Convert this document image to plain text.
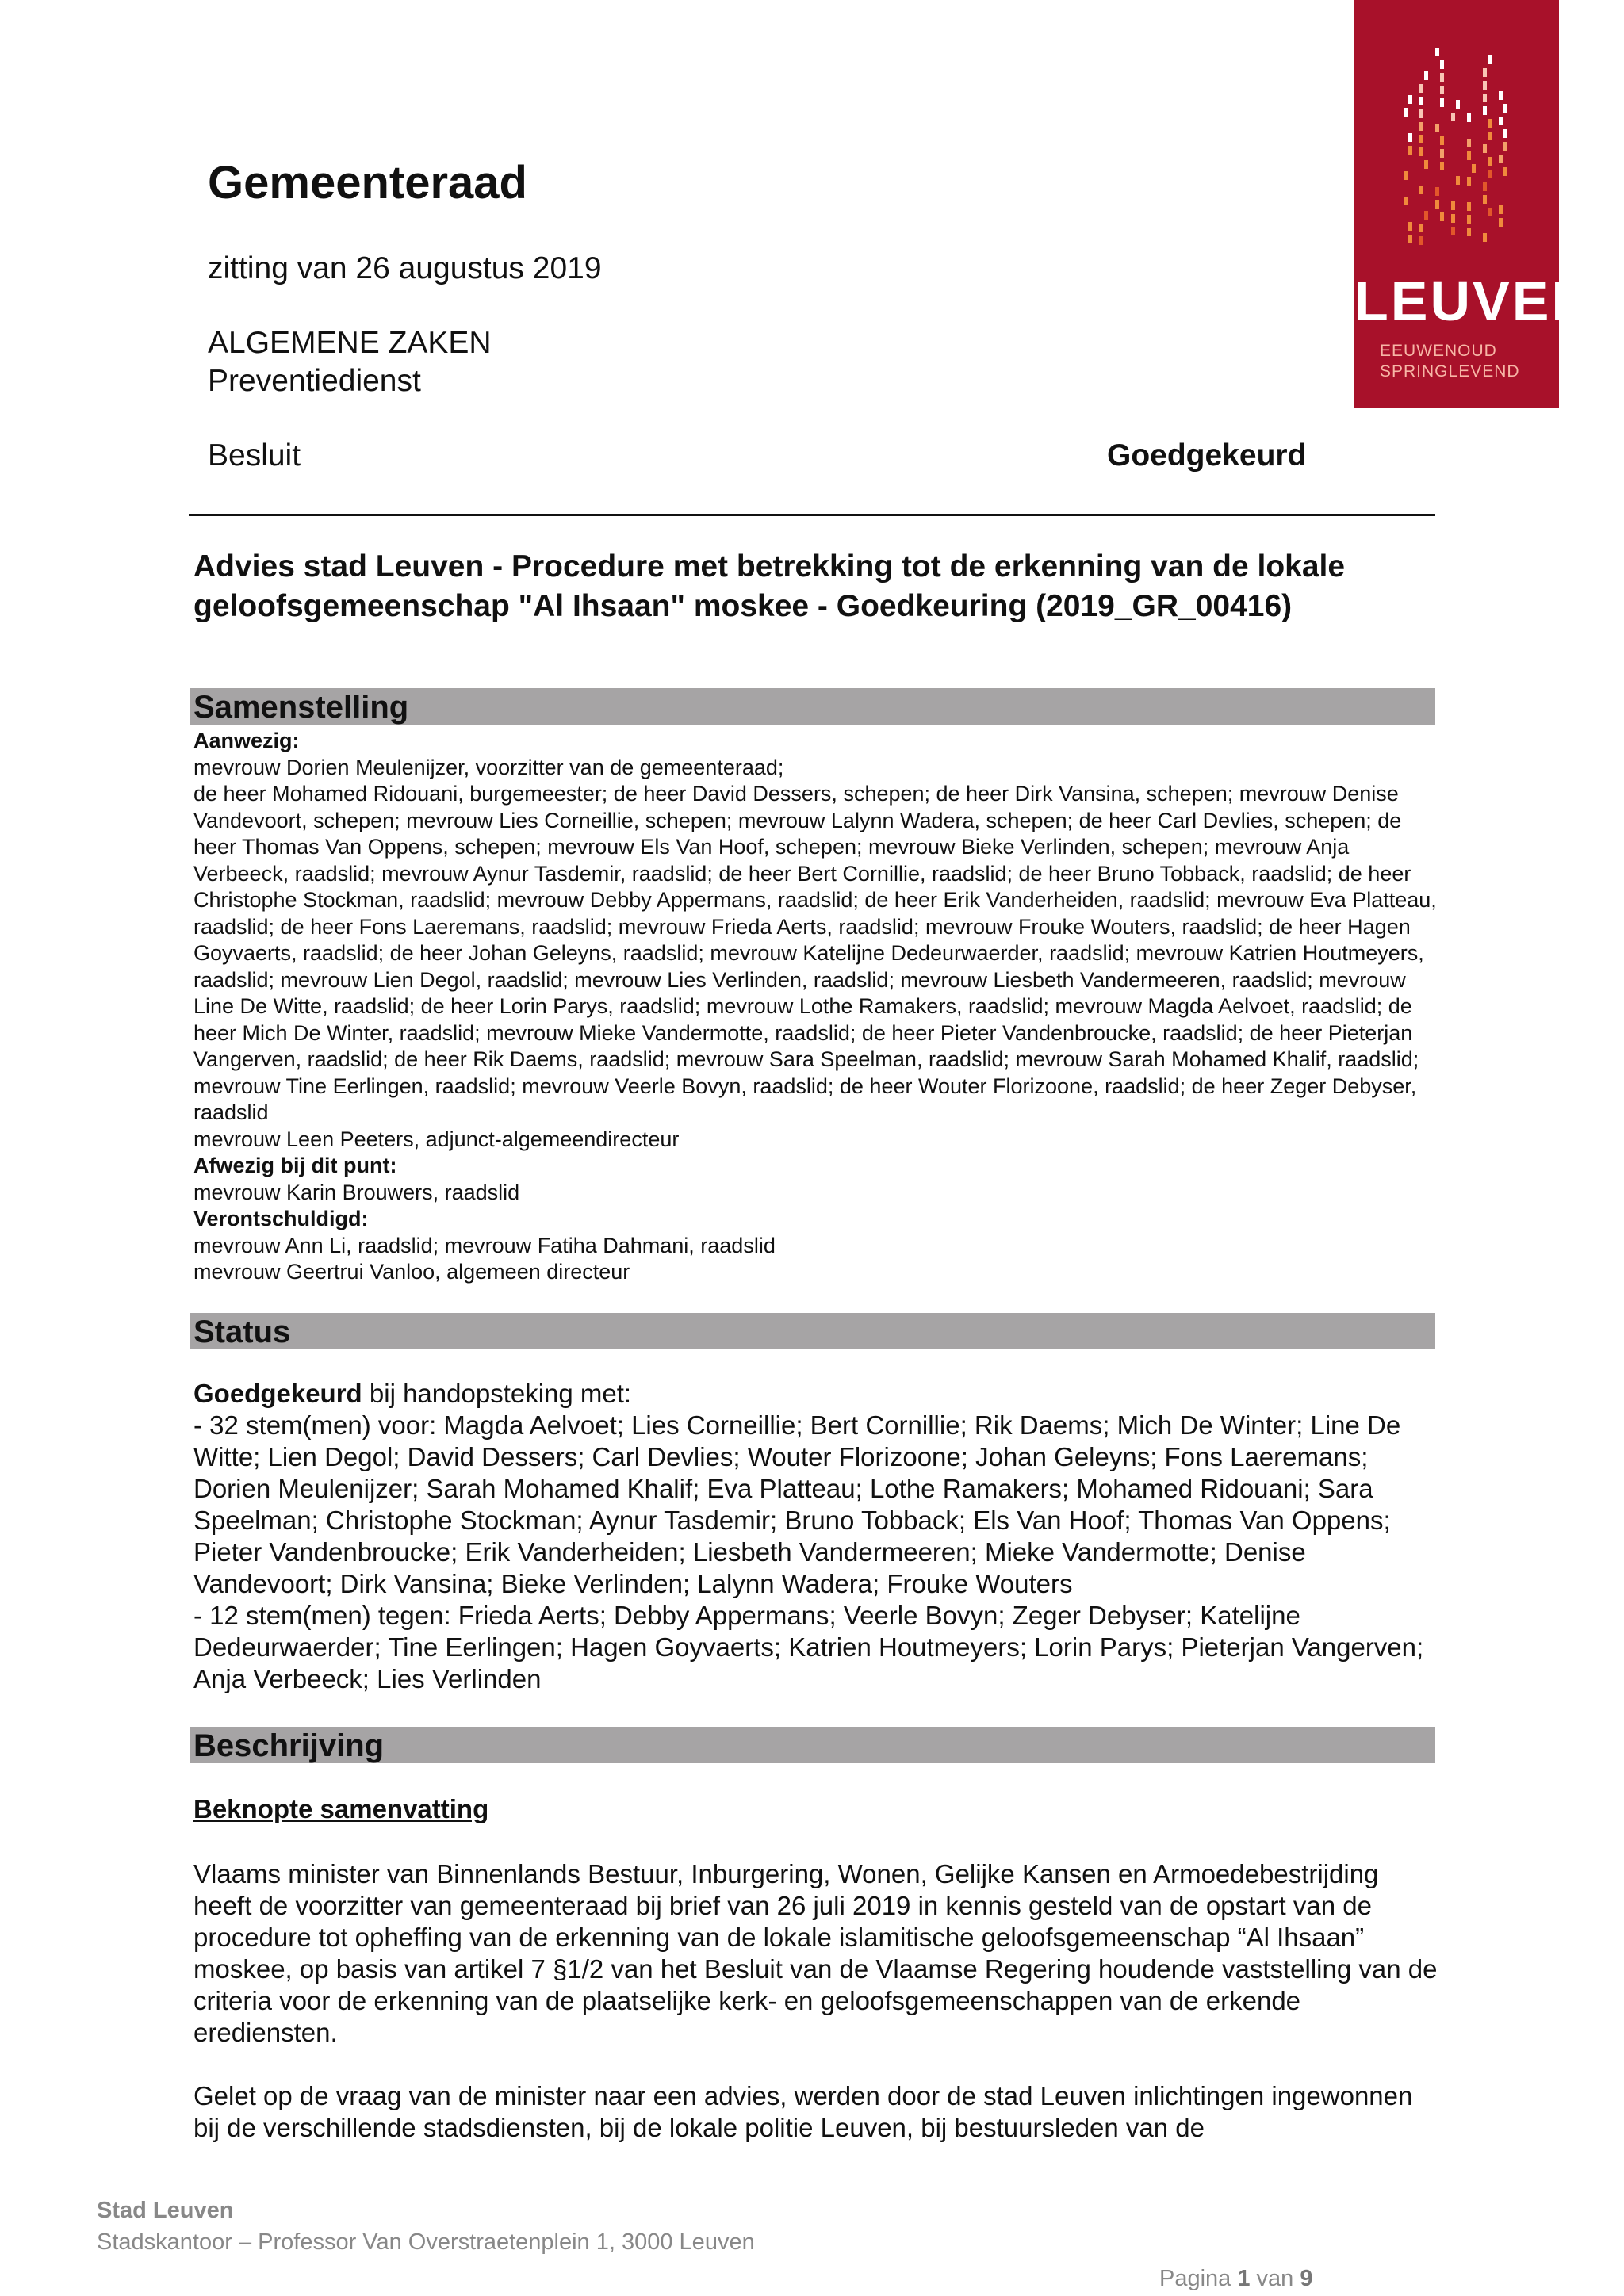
LEUVEN
EEUWENOUD
SPRINGLEVEND
Gemeenteraad
zitting van 26 augustus 2019
ALGEMENE ZAKEN
Preventiedienst
Besluit	Goedgekeurd
Advies stad Leuven - Procedure met betrekking tot de erkenning van de lokale geloofsgemeenschap "Al Ihsaan" moskee - Goedkeuring (2019_GR_00416)
Samenstelling

Aanwezig:

mevrouw Dorien Meulenijzer, voorzitter van de gemeenteraad;

de heer Mohamed Ridouani, burgemeester; de heer David Dessers, schepen; de heer Dirk Vansina, schepen; mevrouw Denise Vandevoort, schepen; mevrouw Lies Corneillie, schepen; mevrouw Lalynn Wadera, schepen; de heer Carl Devlies, schepen; de heer Thomas Van Oppens, schepen; mevrouw Els Van Hoof, schepen; mevrouw Bieke Verlinden, schepen; mevrouw Anja Verbeeck, raadslid; mevrouw Aynur Tasdemir, raadslid; de heer Bert Cornillie, raadslid; de heer Bruno Tobback, raadslid; de heer Christophe Stockman, raadslid; mevrouw Debby Appermans, raadslid; de heer Erik Vanderheiden, raadslid; mevrouw Eva Platteau, raadslid; de heer Fons Laeremans, raadslid; mevrouw Frieda Aerts, raadslid; mevrouw Frouke Wouters, raadslid; de heer Hagen Goyvaerts, raadslid; de heer Johan Geleyns, raadslid; mevrouw Katelijne Dedeurwaerder, raadslid; mevrouw Katrien Houtmeyers, raadslid; mevrouw Lien Degol, raadslid; mevrouw Lies Verlinden, raadslid; mevrouw Liesbeth Vandermeeren, raadslid; mevrouw Line De Witte, raadslid; de heer Lorin Parys, raadslid; mevrouw Lothe Ramakers, raadslid; mevrouw Magda Aelvoet, raadslid; de heer Mich De Winter, raadslid; mevrouw Mieke Vandermotte, raadslid; de heer Pieter Vandenbroucke, raadslid; de heer Pieterjan Vangerven, raadslid; de heer Rik Daems, raadslid; mevrouw Sara Speelman, raadslid; mevrouw Sarah Mohamed Khalif, raadslid; mevrouw Tine Eerlingen, raadslid; mevrouw Veerle Bovyn, raadslid; de heer Wouter Florizoone, raadslid; de heer Zeger Debyser, raadslid

mevrouw Leen Peeters, adjunct-algemeendirecteur

Afwezig bij dit punt:

mevrouw Karin Brouwers, raadslid

Verontschuldigd:

mevrouw Ann Li, raadslid; mevrouw Fatiha Dahmani, raadslid

mevrouw Geertrui Vanloo, algemeen directeur

Status

Goedgekeurd bij handopsteking met:

- 32 stem(men) voor: Magda Aelvoet; Lies Corneillie; Bert Cornillie; Rik Daems; Mich De Winter; Line De Witte; Lien Degol; David Dessers; Carl Devlies; Wouter Florizoone; Johan Geleyns; Fons Laeremans; Dorien Meulenijzer; Sarah Mohamed Khalif; Eva Platteau; Lothe Ramakers; Mohamed Ridouani; Sara Speelman; Christophe Stockman; Aynur Tasdemir; Bruno Tobback; Els Van Hoof; Thomas Van Oppens; Pieter Vandenbroucke; Erik Vanderheiden; Liesbeth Vandermeeren; Mieke Vandermotte; Denise Vandevoort; Dirk Vansina; Bieke Verlinden; Lalynn Wadera; Frouke Wouters

- 12 stem(men) tegen: Frieda Aerts; Debby Appermans; Veerle Bovyn; Zeger Debyser; Katelijne Dedeurwaerder; Tine Eerlingen; Hagen Goyvaerts; Katrien Houtmeyers; Lorin Parys; Pieterjan Vangerven; Anja Verbeeck; Lies Verlinden

Beschrijving
Beknopte samenvatting

Vlaams minister van Binnenlands Bestuur, Inburgering, Wonen, Gelijke Kansen en Armoedebestrijding heeft de voorzitter van gemeenteraad bij brief van 26 juli 2019 in kennis gesteld van de opstart van de procedure tot opheffing van de erkenning van de lokale islamitische geloofsgemeenschap “Al Ihsaan” moskee, op basis van artikel 7 §1/2 van het Besluit van de Vlaamse Regering houdende vaststelling van de criteria voor de erkenning van de plaatselijke kerk- en geloofsgemeenschappen van de erkende erediensten.

Gelet op de vraag van de minister naar een advies, werden door de stad Leuven inlichtingen ingewonnen bij de verschillende stadsdiensten, bij de lokale politie Leuven, bij bestuursleden van de

Stad Leuven
Stadskantoor – Professor Van Overstraetenplein 1, 3000 Leuven
Pagina 1 van 9
